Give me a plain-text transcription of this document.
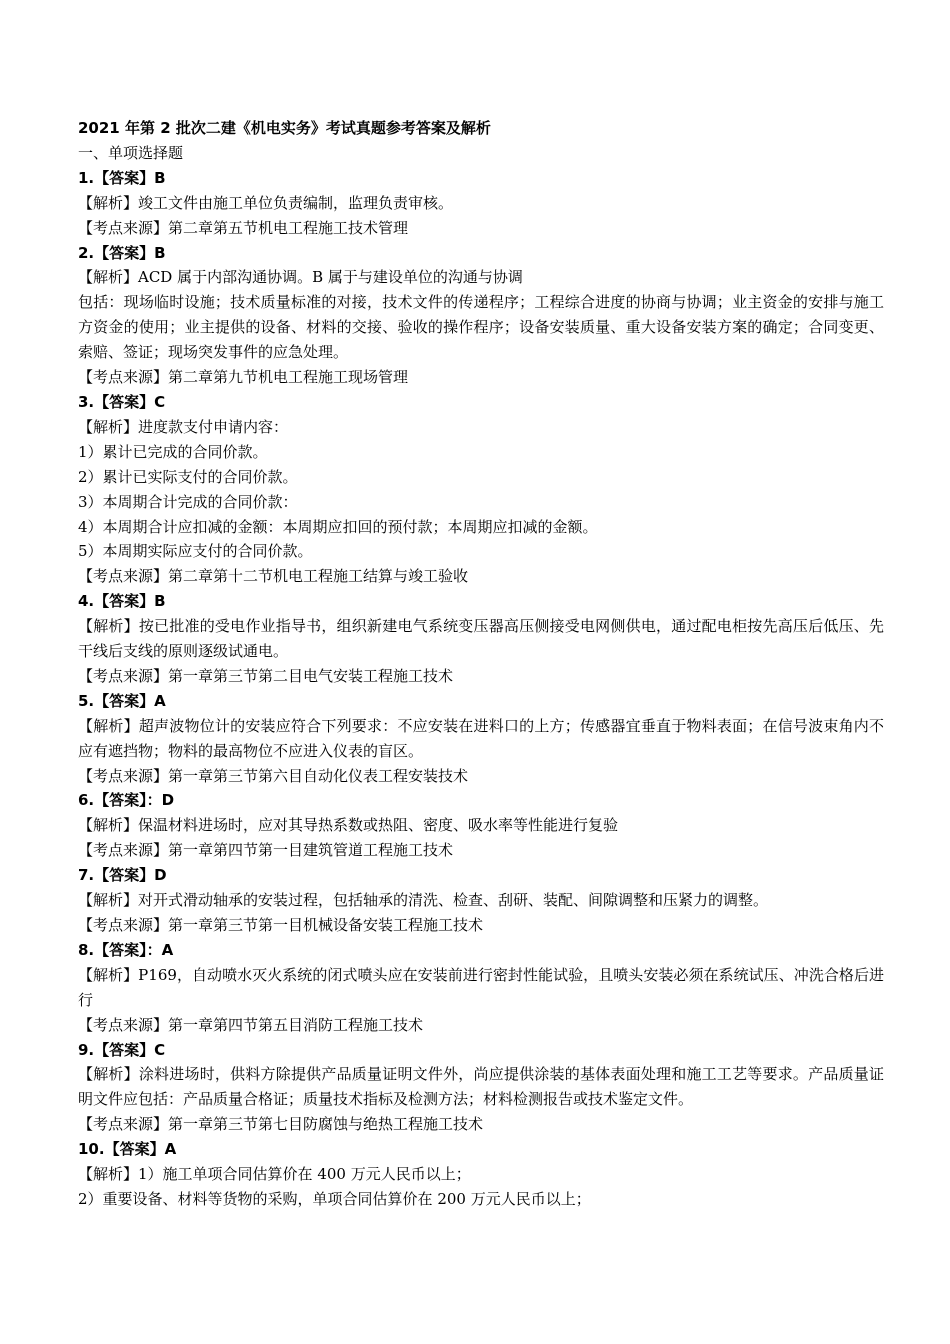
2021 年第 2 批次二建《机电实务》考试真题参考答案及解析
一、单项选择题
1.【答案】B
【解析】竣工文件由施工单位负责编制，监理负责审核。
【考点来源】第二章第五节机电工程施工技术管理
2.【答案】B
【解析】ACD 属于内部沟通协调。B 属于与建设单位的沟通与协调
包括：现场临时设施；技术质量标准的对接，技术文件的传递程序；工程综合进度的协商与协调；业主资金的安排与施工方资金的使用；业主提供的设备、材料的交接、验收的操作程序；设备安装质量、重大设备安装方案的确定；合同变更、索赔、签证；现场突发事件的应急处理。
【考点来源】第二章第九节机电工程施工现场管理
3.【答案】C
【解析】进度款支付申请内容：
1）累计已完成的合同价款。
2）累计已实际支付的合同价款。
3）本周期合计完成的合同价款：
4）本周期合计应扣减的金额：本周期应扣回的预付款；本周期应扣减的金额。
5）本周期实际应支付的合同价款。
【考点来源】第二章第十二节机电工程施工结算与竣工验收
4.【答案】B
【解析】按已批准的受电作业指导书，组织新建电气系统变压器高压侧接受电网侧供电，通过配电柜按先高压后低压、先干线后支线的原则逐级试通电。
【考点来源】第一章第三节第二目电气安装工程施工技术
5.【答案】A
【解析】超声波物位计的安装应符合下列要求：不应安装在进料口的上方；传感器宜垂直于物料表面；在信号波束角内不应有遮挡物；物料的最高物位不应进入仪表的盲区。
【考点来源】第一章第三节第六目自动化仪表工程安装技术
6.【答案】：D
【解析】保温材料进场时，应对其导热系数或热阻、密度、吸水率等性能进行复验
【考点来源】第一章第四节第一目建筑管道工程施工技术
7.【答案】D
【解析】对开式滑动轴承的安装过程，包括轴承的清洗、检查、刮研、装配、间隙调整和压紧力的调整。
【考点来源】第一章第三节第一目机械设备安装工程施工技术
8.【答案】：A
【解析】P169，自动喷水灭火系统的闭式喷头应在安装前进行密封性能试验，且喷头安装必须在系统试压、冲洗合格后进行
【考点来源】第一章第四节第五目消防工程施工技术
9.【答案】C
【解析】涂料进场时，供料方除提供产品质量证明文件外，尚应提供涂装的基体表面处理和施工工艺等要求。产品质量证明文件应包括：产品质量合格证；质量技术指标及检测方法；材料检测报告或技术鉴定文件。
【考点来源】第一章第三节第七目防腐蚀与绝热工程施工技术
10.【答案】A
【解析】1）施工单项合同估算价在 400 万元人民币以上；
2）重要设备、材料等货物的采购，单项合同估算价在 200 万元人民币以上；
